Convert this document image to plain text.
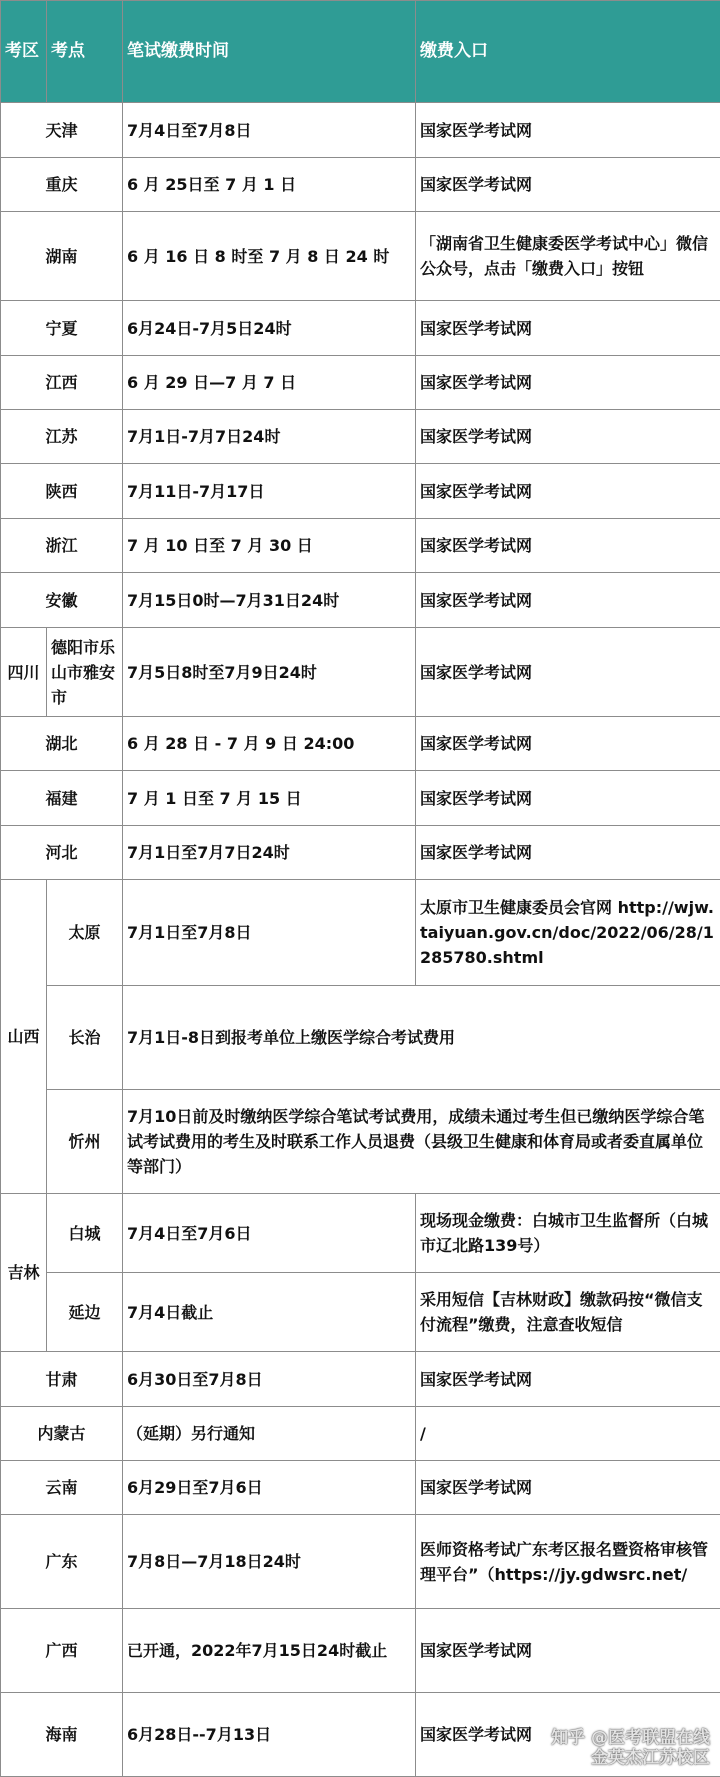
考区	考点	笔试缴费时间	缴费入口
天津		7月4日至7月8日	国家医学考试网
重庆		6 月 25日至 7 月 1 日	国家医学考试网
湖南		6 月 16 日 8 时至 7 月 8 日 24 时	「湖南省卫生健康委医学考试中心」微信公众号，点击「缴费入口」按钮
宁夏		6月24日-7月5日24时	国家医学考试网
江西		6 月 29 日—7 月 7 日	国家医学考试网
江苏		7月1日-7月7日24时	国家医学考试网
陕西		7月11日-7月17日	国家医学考试网
浙江		7 月 10 日至 7 月 30 日	国家医学考试网
安徽		7月15日0时—7月31日24时	国家医学考试网
四川	德阳市乐山市雅安市	7月5日8时至7月9日24时	国家医学考试网
湖北		6 月 28 日 - 7 月 9 日 24:00	国家医学考试网
福建		7 月 1 日至 7 月 15 日	国家医学考试网
河北		7月1日至7月7日24时	国家医学考试网
山西	太原	7月1日至7月8日	太原市卫生健康委员会官网 http://wjw.taiyuan.gov.cn/doc/2022/06/28/1285780.shtml
	长治	7月1日-8日到报考单位上缴医学综合考试费用	
	忻州	7月10日前及时缴纳医学综合笔试考试费用，成绩未通过考生但已缴纳医学综合笔试考试费用的考生及时联系工作人员退费（县级卫生健康和体育局或者委直属单位等部门）	
吉林	白城	7月4日至7月6日	现场现金缴费：白城市卫生监督所（白城市辽北路139号）
	延边	7月4日截止	采用短信【吉林财政】缴款码按“微信支付流程”缴费，注意查收短信
甘肃		6月30日至7月8日	国家医学考试网
内蒙古		（延期）另行通知	/
云南		6月29日至7月6日	国家医学考试网
广东		7月8日—7月18日24时	医师资格考试广东考区报名暨资格审核管理平台”（https://jy.gdwsrc.net/
广西		已开通，2022年7月15日24时截止	国家医学考试网
海南		6月28日--7月13日	国家医学考试网 知乎 @医考联盟在线
金英杰江苏校区
